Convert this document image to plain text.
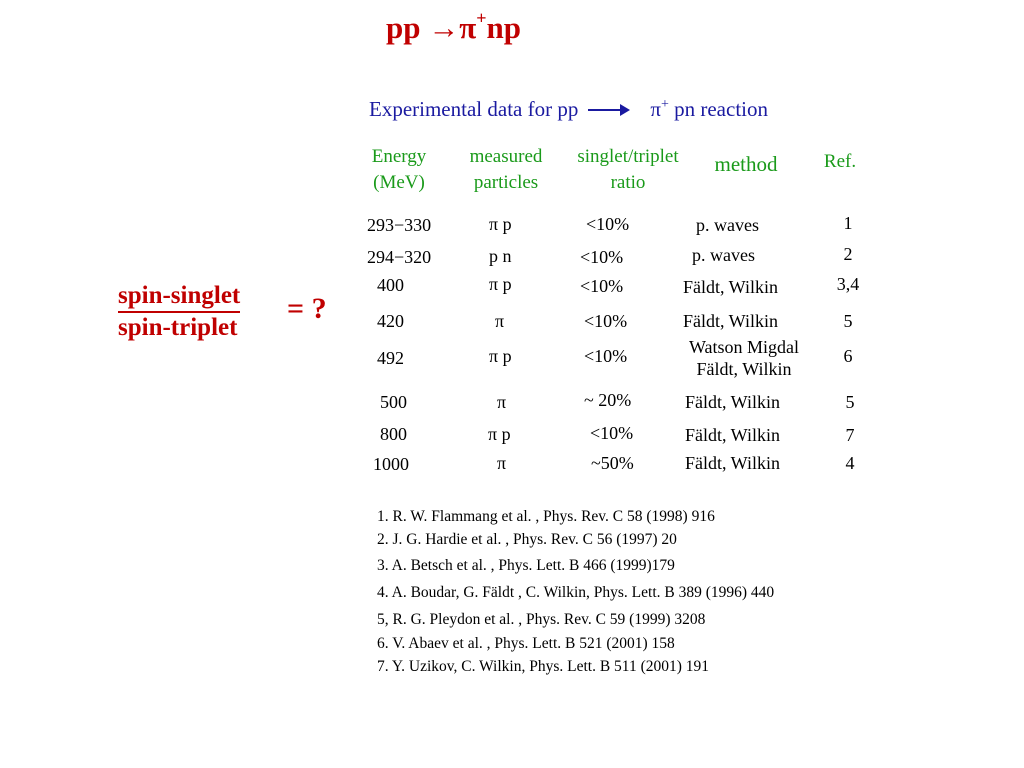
pp →π+np
spin-singlet
spin-triplet
= ?
Experimental data for pp	π+ pn reaction
Energy
(MeV)
measured
particles
singlet/triplet
ratio
method	Ref.
293−330
294−320
400
420
492
500
800
1000
π p
p n
π p
π
π p
π
π p
π
<10%
<10%
<10%
<10%
<10%
~ 20%
<10%
~50%
p. waves
p. waves
Fäldt, Wilkin
Fäldt, Wilkin
Watson Migdal
Fäldt, Wilkin
Fäldt, Wilkin
Fäldt, Wilkin
Fäldt, Wilkin
1
2
3,4
5
6
5
7
4
1. R. W. Flammang et al. , Phys. Rev. C 58 (1998) 916
2. J. G. Hardie et al. , Phys. Rev. C 56 (1997) 20
3. A. Betsch et al. , Phys. Lett. B 466 (1999)179
4. A. Boudar, G. Fäldt , C. Wilkin, Phys. Lett. B 389 (1996) 440
5, R. G. Pleydon et al. , Phys. Rev. C 59 (1999) 3208
6. V. Abaev et al. , Phys. Lett. B 521 (2001) 158
7. Y. Uzikov, C. Wilkin, Phys. Lett. B 511 (2001) 191
